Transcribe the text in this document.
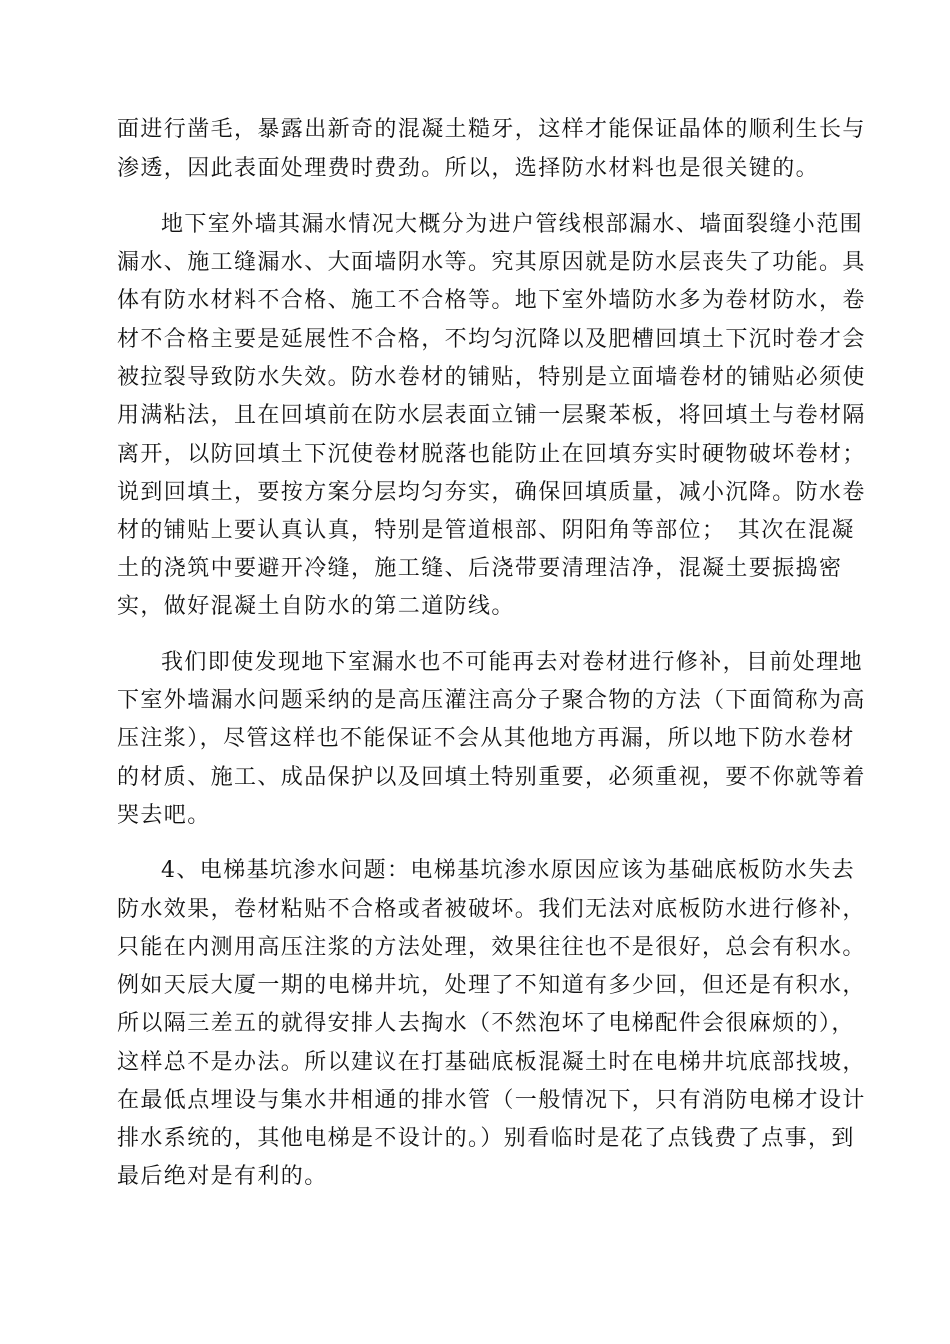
面进行凿毛，暴露出新奇的混凝土糙牙，这样才能保证晶体的顺利生长与
渗透，因此表面处理费时费劲。所以，选择防水材料也是很关键的。
地下室外墙其漏水情况大概分为进户管线根部漏水、墙面裂缝小范围
漏水、施工缝漏水、大面墙阴水等。究其原因就是防水层丧失了功能。具
体有防水材料不合格、施工不合格等。地下室外墙防水多为卷材防水，卷
材不合格主要是延展性不合格，不均匀沉降以及肥槽回填土下沉时卷才会
被拉裂导致防水失效。防水卷材的铺贴，特别是立面墙卷材的铺贴必须使
用满粘法，且在回填前在防水层表面立铺一层聚苯板，将回填土与卷材隔
离开，以防回填土下沉使卷材脱落也能防止在回填夯实时硬物破坏卷材；
说到回填土，要按方案分层均匀夯实，确保回填质量，减小沉降。防水卷
材的铺贴上要认真认真，特别是管道根部、阴阳角等部位；　其次在混凝
土的浇筑中要避开冷缝，施工缝、后浇带要清理洁净，混凝土要振捣密
实，做好混凝土自防水的第二道防线。
我们即使发现地下室漏水也不可能再去对卷材进行修补，目前处理地
下室外墙漏水问题采纳的是高压灌注高分子聚合物的方法（下面简称为高
压注浆），尽管这样也不能保证不会从其他地方再漏，所以地下防水卷材
的材质、施工、成品保护以及回填土特别重要，必须重视，要不你就等着
哭去吧。
4、电梯基坑渗水问题：电梯基坑渗水原因应该为基础底板防水失去
防水效果，卷材粘贴不合格或者被破坏。我们无法对底板防水进行修补，
只能在内测用高压注浆的方法处理，效果往往也不是很好，总会有积水。
例如天辰大厦一期的电梯井坑，处理了不知道有多少回，但还是有积水，
所以隔三差五的就得安排人去掏水（不然泡坏了电梯配件会很麻烦的），
这样总不是办法。所以建议在打基础底板混凝土时在电梯井坑底部找坡，
在最低点埋设与集水井相通的排水管（一般情况下，只有消防电梯才设计
排水系统的，其他电梯是不设计的。）别看临时是花了点钱费了点事，到
最后绝对是有利的。
